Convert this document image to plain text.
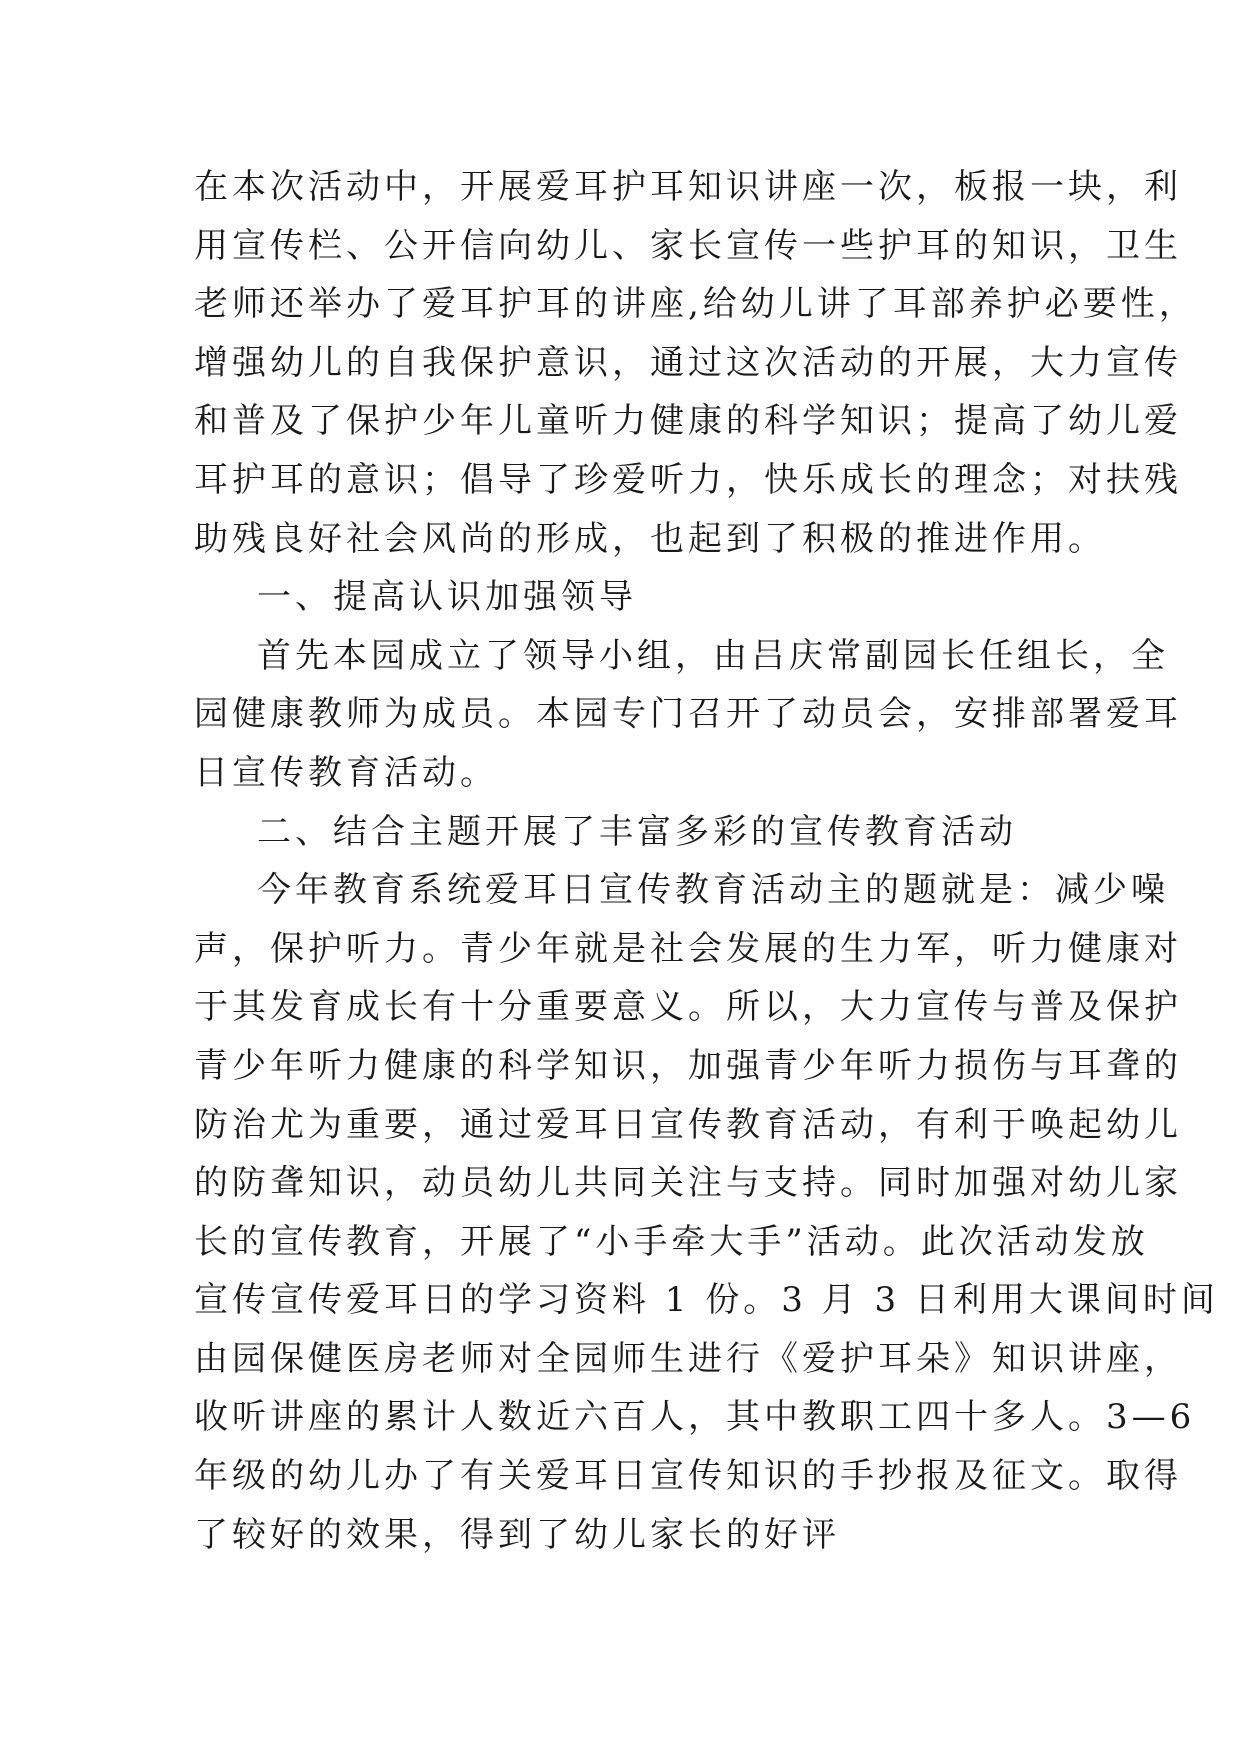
在本次活动中，开展爱耳护耳知识讲座一次，板报一块，利
用宣传栏、公开信向幼儿、家长宣传一些护耳的知识，卫生
老师还举办了爱耳护耳的讲座,给幼儿讲了耳部养护必要性，
增强幼儿的自我保护意识，通过这次活动的开展，大力宣传
和普及了保护少年儿童听力健康的科学知识；提高了幼儿爱
耳护耳的意识；倡导了珍爱听力，快乐成长的理念；对扶残
助残良好社会风尚的形成，也起到了积极的推进作用。
一、提高认识加强领导
首先本园成立了领导小组，由吕庆常副园长任组长，全
园健康教师为成员。本园专门召开了动员会，安排部署爱耳
日宣传教育活动。
二、结合主题开展了丰富多彩的宣传教育活动
今年教育系统爱耳日宣传教育活动主的题就是：减少噪
声，保护听力。青少年就是社会发展的生力军，听力健康对
于其发育成长有十分重要意义。所以，大力宣传与普及保护
青少年听力健康的科学知识，加强青少年听力损伤与耳聋的
防治尤为重要，通过爱耳日宣传教育活动，有利于唤起幼儿
的防聋知识，动员幼儿共同关注与支持。同时加强对幼儿家
长的宣传教育，开展了“小手牵大手”活动。此次活动发放
宣传宣传爱耳日的学习资料 1 份。3 月 3 日利用大课间时间
由园保健医房老师对全园师生进行《爱护耳朵》知识讲座，
收听讲座的累计人数近六百人，其中教职工四十多人。3—6
年级的幼儿办了有关爱耳日宣传知识的手抄报及征文。取得
了较好的效果，得到了幼儿家长的好评
